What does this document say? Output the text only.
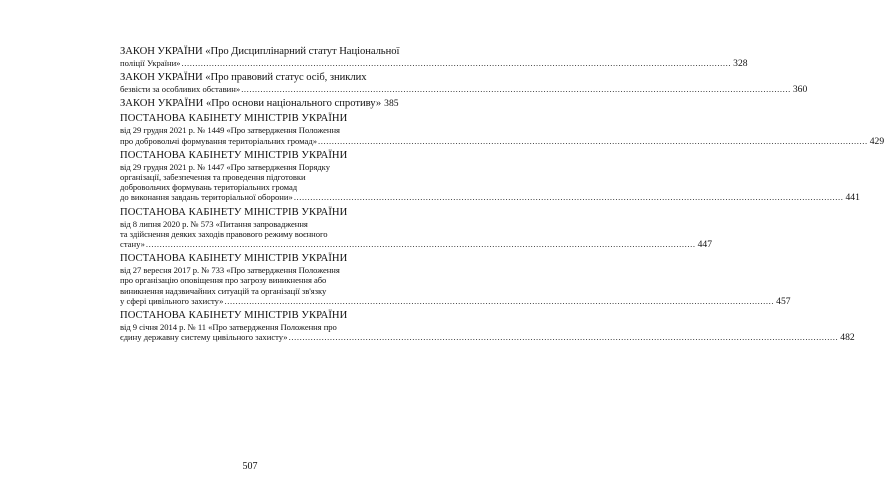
ЗАКОН УКРАЇНИ «Про Дисциплінарний статут Національної
поліції України» ........................................................................................................................................................................................................ 328
ЗАКОН УКРАЇНИ «Про правовий статус осіб, зниклих
безвісти за особливих обставин» ........................................................................................................................................................................................................ 360
ЗАКОН УКРАЇНИ «Про основи національного спротиву» 385
ПОСТАНОВА КАБІНЕТУ МІНІСТРІВ УКРАЇНИ
від 29 грудня 2021 р. № 1449 «Про затвердження Положення
про добровольчі формування територіальних громад» ........................................................................................................................................................................................................ 429
ПОСТАНОВА КАБІНЕТУ МІНІСТРІВ УКРАЇНИ
від 29 грудня 2021 р. № 1447 «Про затвердження Порядку
організації, забезпечення та проведення підготовки
добровольчих формувань територіальних громад
до виконання завдань територіальної оборони» ........................................................................................................................................................................................................ 441
ПОСТАНОВА КАБІНЕТУ МІНІСТРІВ УКРАЇНИ
від 8 липня 2020 р. № 573 «Питання запровадження
та здійснення деяких заходів правового режиму воєнного
стану» ........................................................................................................................................................................................................ 447
ПОСТАНОВА КАБІНЕТУ МІНІСТРІВ УКРАЇНИ
від 27 вересня 2017 р. № 733 «Про затвердження Положення
про організацію оповіщення про загрозу виникнення або
виникнення надзвичайних ситуацій та організації зв'язку
у сфері цивільного захисту» ........................................................................................................................................................................................................ 457
ПОСТАНОВА КАБІНЕТУ МІНІСТРІВ УКРАЇНИ
від 9 січня 2014 р. № 11 «Про затвердження Положення про
єдину державну систему цивільного захисту» ........................................................................................................................................................................................................ 482
507
